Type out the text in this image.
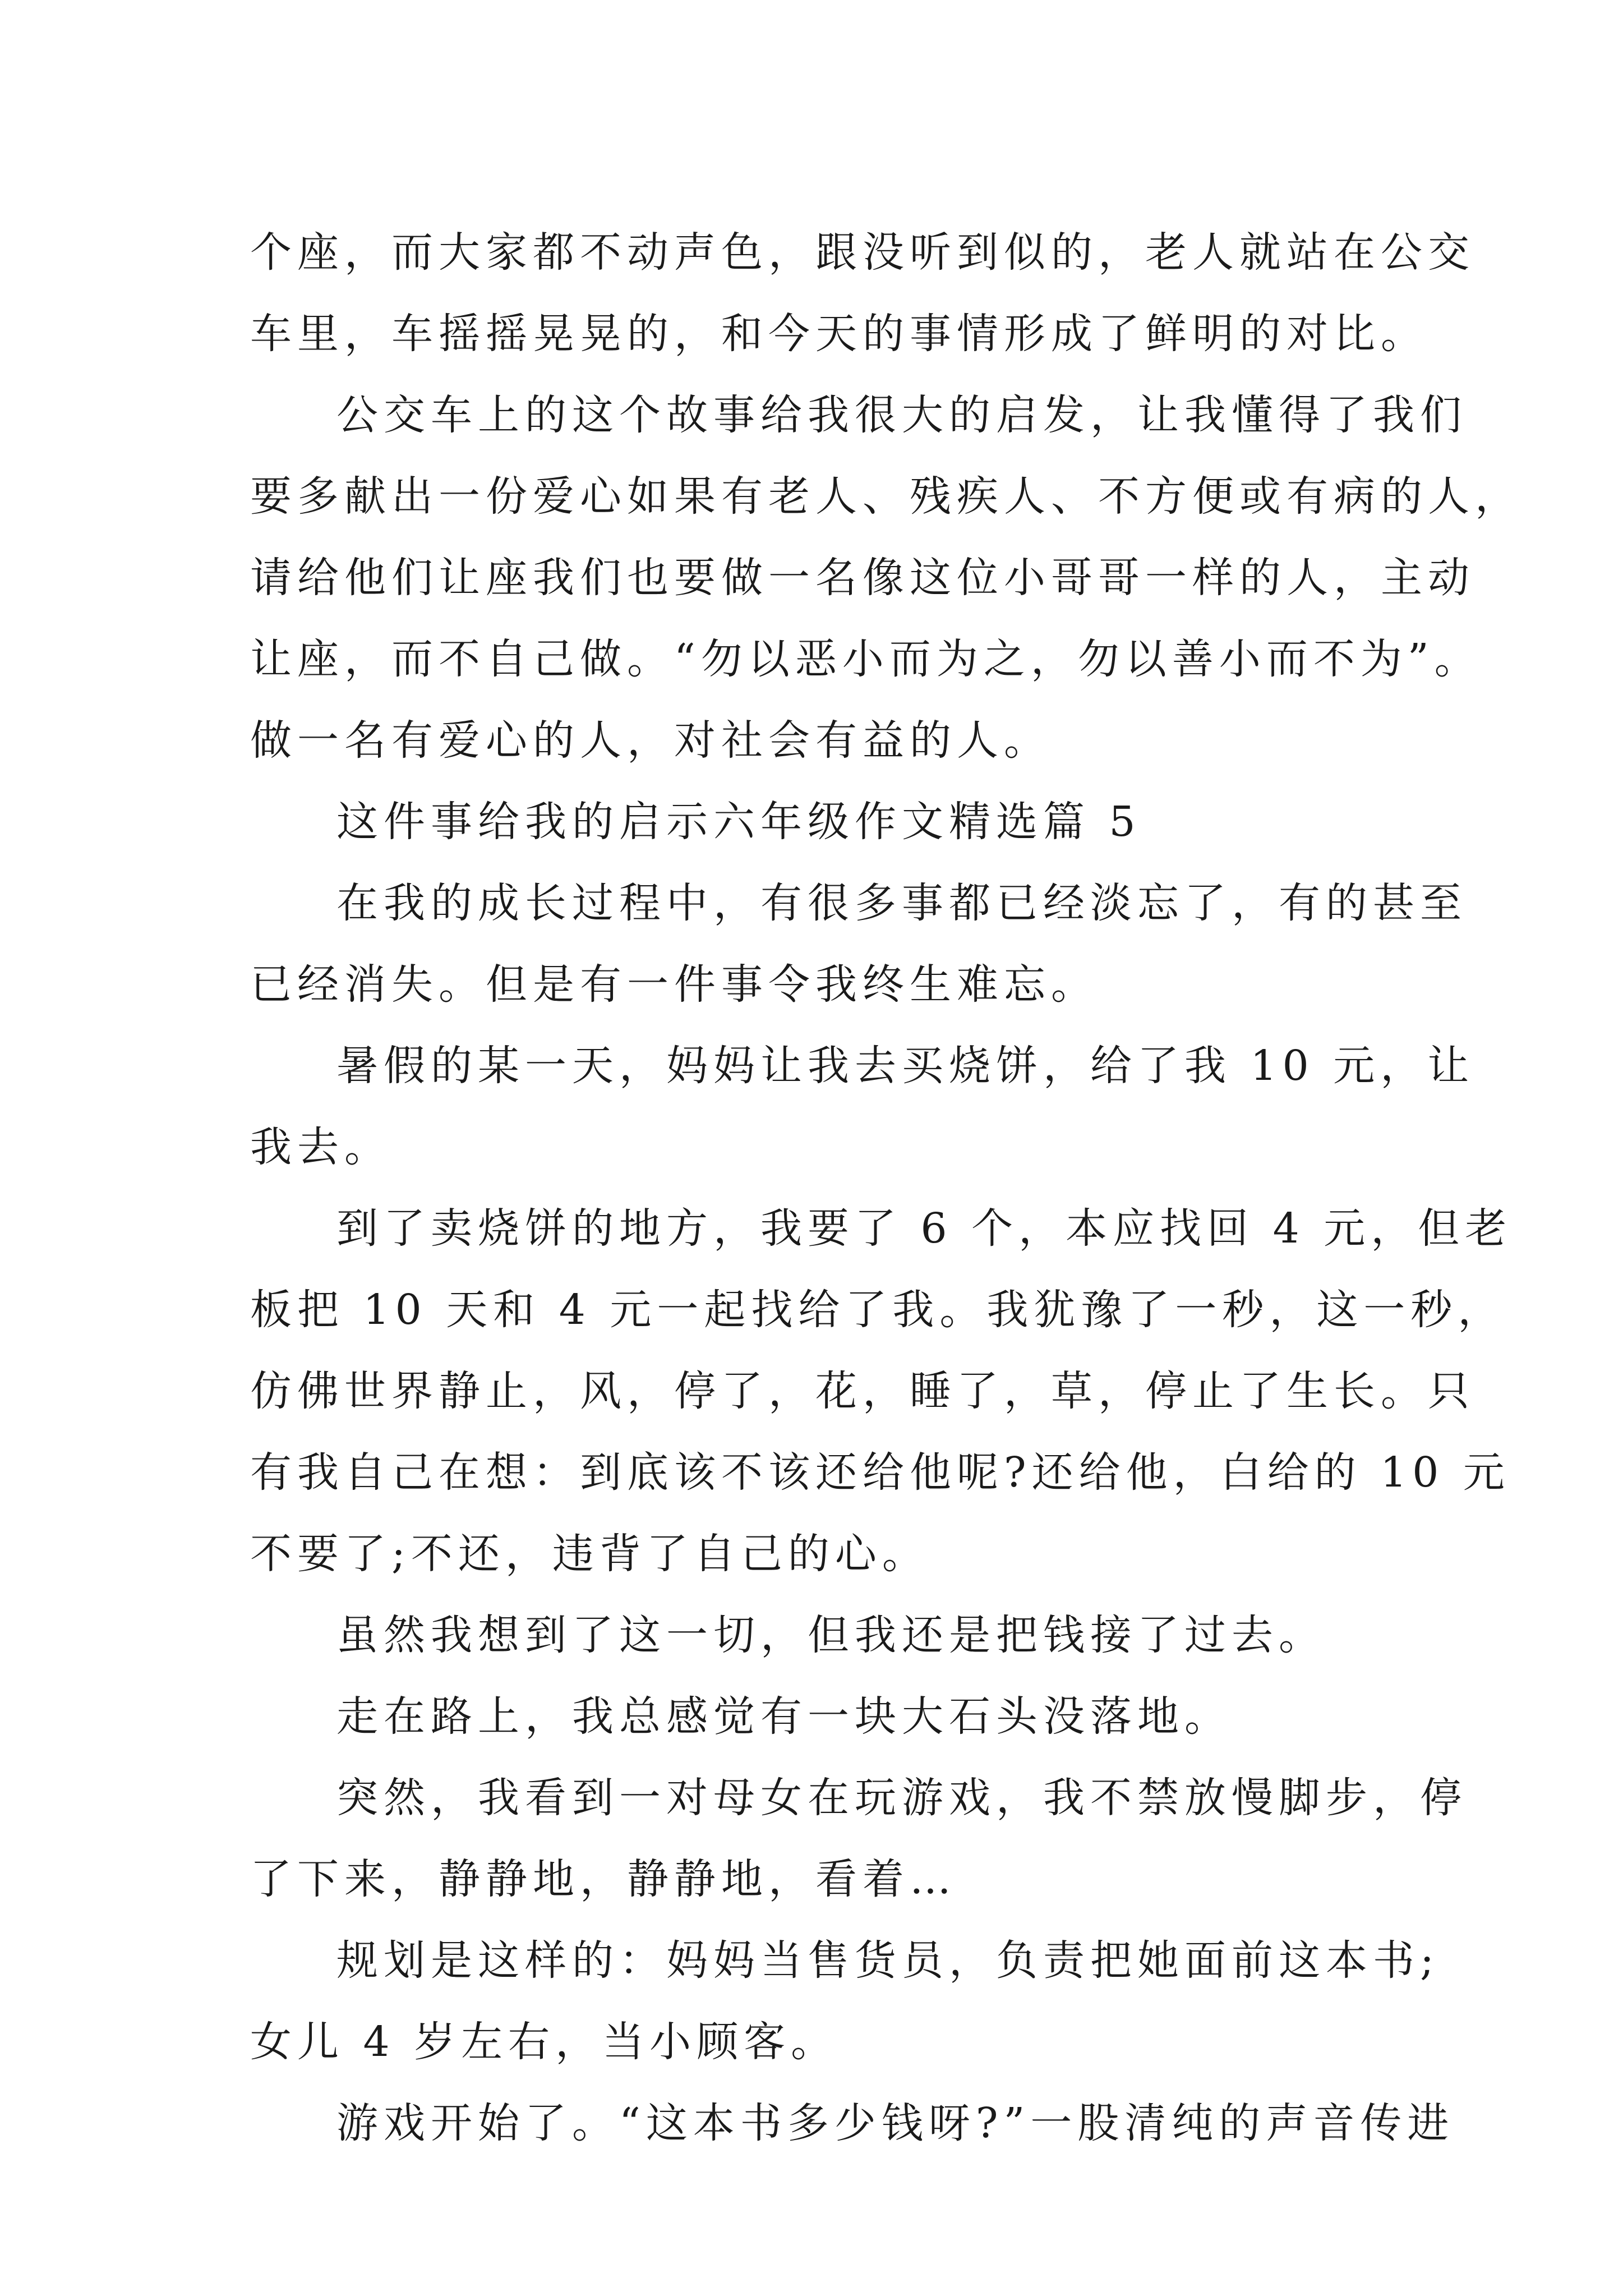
个座，而大家都不动声色，跟没听到似的，老人就站在公交
车里，车摇摇晃晃的，和今天的事情形成了鲜明的对比。
公交车上的这个故事给我很大的启发，让我懂得了我们
要多献出一份爱心如果有老人、残疾人、不方便或有病的人，
请给他们让座我们也要做一名像这位小哥哥一样的人，主动
让座，而不自己做。“勿以恶小而为之，勿以善小而不为”。
做一名有爱心的人，对社会有益的人。
这件事给我的启示六年级作文精选篇 5
在我的成长过程中，有很多事都已经淡忘了，有的甚至
已经消失。但是有一件事令我终生难忘。
暑假的某一天，妈妈让我去买烧饼，给了我 10 元，让
我去。
到了卖烧饼的地方，我要了 6 个，本应找回 4 元，但老
板把 10 天和 4 元一起找给了我。我犹豫了一秒，这一秒，
仿佛世界静止，风，停了，花，睡了，草，停止了生长。只
有我自己在想：到底该不该还给他呢?还给他，白给的 10 元
不要了;不还，违背了自己的心。
虽然我想到了这一切，但我还是把钱接了过去。
走在路上，我总感觉有一块大石头没落地。
突然，我看到一对母女在玩游戏，我不禁放慢脚步，停
了下来，静静地，静静地，看着…
规划是这样的：妈妈当售货员，负责把她面前这本书;
女儿 4 岁左右，当小顾客。
游戏开始了。“这本书多少钱呀?”一股清纯的声音传进
